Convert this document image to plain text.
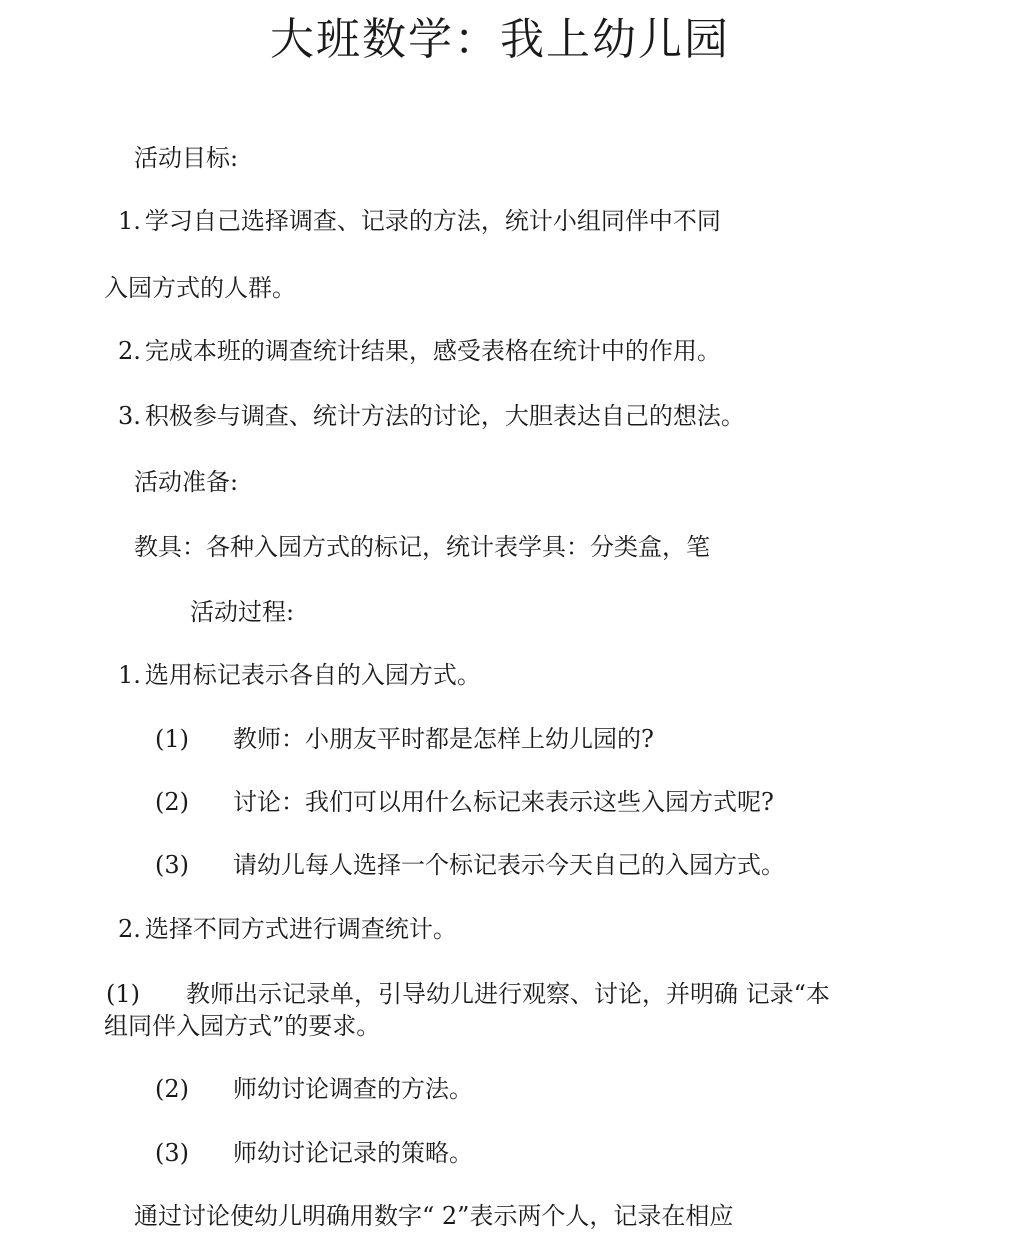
大班数学：我上幼儿园
活动目标:
1. 学习自己选择调查、记录的方法，统计小组同伴中不同
入园方式的人群。
2. 完成本班的调查统计结果，感受表格在统计中的作用。
3. 积极参与调查、统计方法的讨论，大胆表达自己的想法。
活动准备:
教具：各种入园方式的标记，统计表学具：分类盒，笔
活动过程:
1. 选用标记表示各自的入园方式。
(1) 教师：小朋友平时都是怎样上幼儿园的?
(2) 讨论：我们可以用什么标记来表示这些入园方式呢?
(3) 请幼儿每人选择一个标记表示今天自己的入园方式。
2. 选择不同方式进行调查统计。
(1) 教师出示记录单，引导幼儿进行观察、讨论，并明确 记录“本
组同伴入园方式”的要求。
(2) 师幼讨论调查的方法。
(3) 师幼讨论记录的策略。
通过讨论使幼儿明确用数字“ 2”表示两个人，记录在相应
